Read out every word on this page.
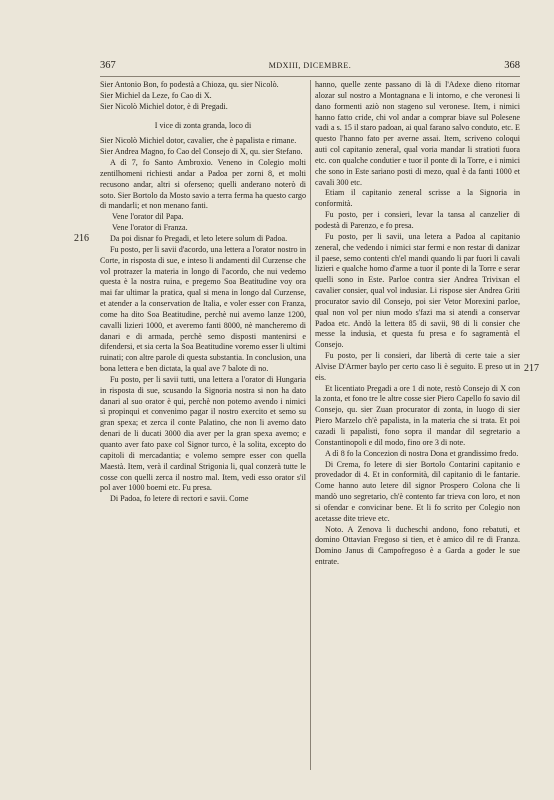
367	MDXIII, DICEMBRE.	368
216
217

Sier Antonio Bon, fo podestà a Chioza, qu. sier Nicolò.

Sier Michiel da Leze, fo Cao di X.

Sier Nicolò Michiel dotor, è di Pregadi.

I vice di zonta granda, loco di

Sier Nicolò Michiel dotor, cavalier, che è papalista e rimane.

Sier Andrea Magno, fo Cao del Consejo di X, qu. sier Stefano.

A dì 7, fo Santo Ambroxio. Veneno in Colegio molti zentilhomeni richiesti andar a Padoa per zorni 8, et molti recusono andar, altri si oferseno; quelli anderano noterò di soto. Sier Bortolo da Mosto savio a terra ferma ha questo cargo di mandarli; et non menano fanti.

Vene l'orator dil Papa.

Vene l'orator di Franza.

Da poi disnar fo Pregadi, et leto letere solum di Padoa.

Fu posto, per li savii d'acordo, una lettera a l'orator nostro in Corte, in risposta di sue, e inteso li andamenti dil Curzense che vol protrazer la materia in longo di l'acordo, che nui vedemo questa è la nostra ruina, e pregemo Soa Beatitudine voy ora mai far ultimar la pratica, qual si mena in longo dal Curzense, et atender a la conservation de Italia, e voler esser con Franza, come ha dito Soa Beatitudine, perchè nui avemo lanze 1200, cavalli lizieri 1000, et averemo fanti 8000, nè mancheremo di danari e di armada, perchè semo disposti mantenirsi e difendersi, et sia certa la Soa Beatitudine voremo esser li ultimi ruinati; con altre parole di questa substantia. In conclusion, una bona lettera e ben dictata, la qual ave 7 balote di no.

Fu posto, per li savii tutti, una lettera a l'orator di Hungaria in risposta di sue, scusando la Signoria nostra si non ha dato danari al suo orator è qui, perchè non potemo avendo i nimici sì propinqui et convenimo pagar il nostro exercito et semo su gran spexa; et zerca il conte Palatino, che non li avemo dato denari de li ducati 3000 dia aver per la gran spexa avemo; e quanto aver fato paxe col Signor turco, è la solita, excepto do capitoli di mercadantia; e volemo sempre esser con quella Maestà. Item, verà il cardinal Strigonia li, qual conzerà tutte le cosse con quelli zerca il nostro mal. Item, vedi esso orator s'il pol aver 1000 boemi etc. Fu presa.

Di Padoa, fo letere di rectori e savii. Come

hanno, quelle zente passano di là di l'Adexe dieno ritornar alozar sul nostro a Montagnana e li intorno, e che veronesi li dano formenti aziò non stageno sul veronese. Item, i nimici hanno fatto cride, chi vol andar a comprar biave sul Polesene vadi a s. 15 il staro padoan, ai qual farano salvo conduto, etc. E questo l'hanno fato per averne assai. Item, scriveno coloqui auti col capitanio zeneral, qual voria mandar li stratioti fuora etc. con qualche condutier e tuor il ponte di la Torre, e i nimici che sono in Este sariano posti di mezo, qual è da fanti 1000 et cavali 300 etc.

Etiam il capitanio zeneral scrisse a la Signoria in conformità.

Fu posto, per i consieri, levar la tansa al canzelier di podestà di Parenzo, e fo presa.

Fu posto, per li savii, una letera a Padoa al capitanio zeneral, che vedendo i nimici star fermi e non restar di danizar il paese, semo contenti ch'el mandi quando li par fuori li cavali lizieri e qualche homo d'arme a tuor il ponte di la Torre e serar quelli sono in Este. Parloe contra sier Andrea Trivixan el cavalier consier, qual vol indusiar. Li rispose sier Andrea Griti procurator savio dil Consejo, poi sier Vetor Morexini parloe, qual non vol per niun modo s'fazi ma si atendi a conservar Padoa etc. Andò la lettera 85 di savii, 98 di li consier che messe la indusia, et questa fu presa e fo sagramentà el Consejo.

Fu posto, per li consieri, dar libertà di certe taie a sier Alvise D'Armer baylo per certo caso li è seguito. E preso ut in eis.

Et licentiato Pregadi a ore 1 di note, restò Consejo di X con la zonta, et fono tre le altre cosse sier Piero Capello fo savio dil Consejo, qu. sier Zuan procurator di zonta, in luogo di sier Piero Marzelo ch'è papalista, in la materia che si trata. Et poi cazadi li papalisti, fono sopra il mandar dil segretario a Constantinopoli e dil modo, fino ore 3 di note.

A dì 8 fo la Concezion di nostra Dona et grandissimo fredo.

Di Crema, fo letere di sier Bortolo Contarini capitanio e provedador di 4. Et in conformità, dil capitanio di le fantarie. Come hanno auto letere dil signor Prospero Colona che li mandò uno segretario, ch'è contento far trieva con loro, et non si ofendar e convicinar bene. Et li fo scrito per Colegio non acetasse dite trieve etc.

Noto. A Zenova li ducheschi andono, fono rebatuti, et domino Ottavian Fregoso si tien, et è amico dil re di Franza. Domino Janus di Campofregoso è a Garda a goder le sue entrate.
